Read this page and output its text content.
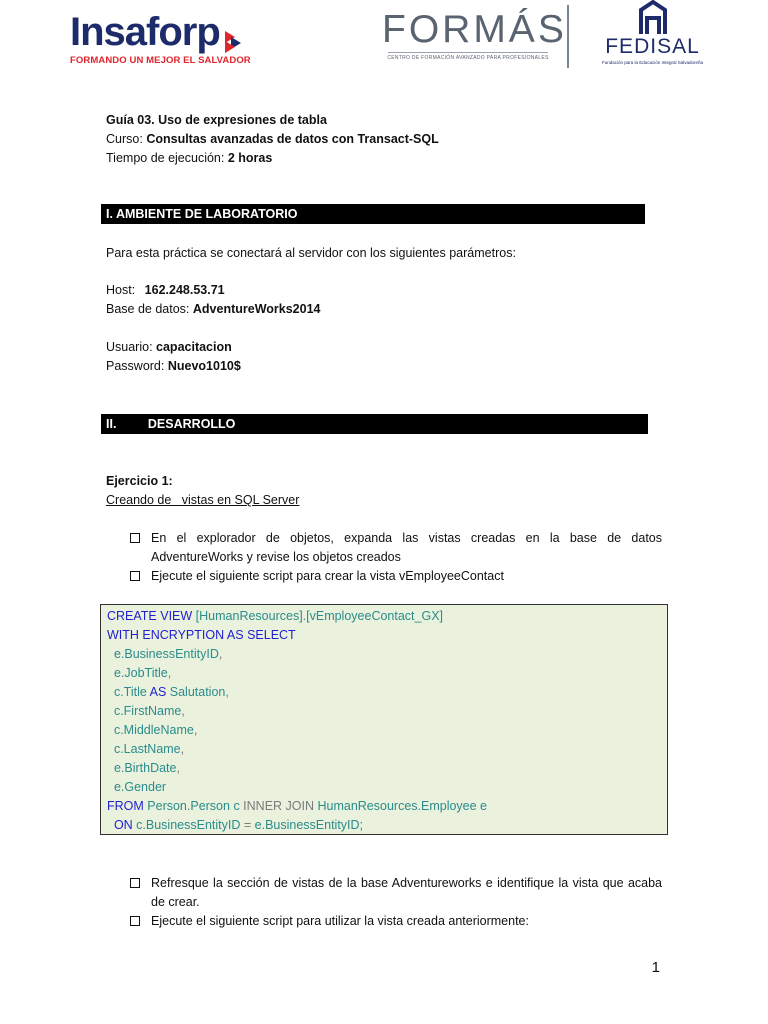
Insaforp
FORMANDO UN MEJOR EL SALVADOR
FORMÁS
CENTRO DE FORMACIÓN AVANZADO PARA PROFESIONALES	FEDISAL
Fundación para la Educación Integral Salvadoreña
Guía 03. Uso de expresiones de tabla
Curso: Consultas avanzadas de datos con Transact-SQL
Tiempo de ejecución: 2 horas
I. AMBIENTE DE LABORATORIO
Para esta práctica se conectará al servidor con los siguientes parámetros:
Host: 162.248.53.71
Base de datos: AdventureWorks2014
Usuario: capacitacion
Password: Nuevo1010$
II.	DESARROLLO
Ejercicio 1:
Creando de   vistas en SQL Server
En el explorador de objetos, expanda las vistas creadas en la base de datos AdventureWorks y revise los objetos creados
Ejecute el siguiente script para crear la vista vEmployeeContact
CREATE VIEW [HumanResources].[vEmployeeContact_GX]
WITH ENCRYPTION AS SELECT
e.BusinessEntityID,
e.JobTitle,
c.Title AS Salutation,
c.FirstName,
c.MiddleName,
c.LastName,
e.BirthDate,
e.Gender
FROM Person.Person c INNER JOIN HumanResources.Employee e
ON c.BusinessEntityID = e.BusinessEntityID;
Refresque la sección de vistas de la base Adventureworks e identifique la vista que acaba de crear.
Ejecute el siguiente script para utilizar la vista creada anteriormente:
1
